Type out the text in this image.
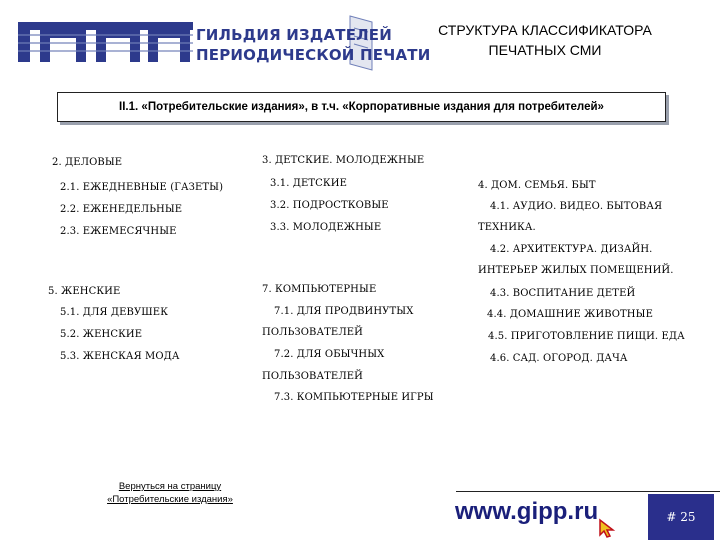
ГИЛЬДИЯ ИЗДАТЕЛЕЙ
ПЕРИОДИЧЕСКОЙ ПЕЧАТИ
СТРУКТУРА КЛАССИФИКАТОРА
ПЕЧАТНЫХ СМИ
II.1. «Потребительские издания», в т.ч. «Корпоративные издания для потребителей»
2. ДЕЛОВЫЕ
2.1. ЕЖЕДНЕВНЫЕ (ГАЗЕТЫ)
2.2. ЕЖЕНЕДЕЛЬНЫЕ
2.3. ЕЖЕМЕСЯЧНЫЕ
3. ДЕТСКИЕ. МОЛОДЕЖНЫЕ
3.1. ДЕТСКИЕ
3.2. ПОДРОСТКОВЫЕ
3.3. МОЛОДЕЖНЫЕ
4. ДОМ. СЕМЬЯ. БЫТ
4.1. АУДИО. ВИДЕО. БЫТОВАЯ
ТЕХНИКА.
4.2. АРХИТЕКТУРА. ДИЗАЙН.
ИНТЕРЬЕР ЖИЛЫХ ПОМЕЩЕНИЙ.
4.3. ВОСПИТАНИЕ ДЕТЕЙ
4.4. ДОМАШНИЕ ЖИВОТНЫЕ
4.5. ПРИГОТОВЛЕНИЕ ПИЩИ. ЕДА
4.6. САД. ОГОРОД. ДАЧА
5. ЖЕНСКИЕ
5.1. ДЛЯ ДЕВУШЕК
5.2. ЖЕНСКИЕ
5.3. ЖЕНСКАЯ МОДА
7. КОМПЬЮТЕРНЫЕ
7.1. ДЛЯ ПРОДВИНУТЫХ
ПОЛЬЗОВАТЕЛЕЙ
7.2. ДЛЯ ОБЫЧНЫХ
ПОЛЬЗОВАТЕЛЕЙ
7.3. КОМПЬЮТЕРНЫЕ ИГРЫ
Вернуться на страницу
«Потребительские издания»	www.gipp.ru	# 25
